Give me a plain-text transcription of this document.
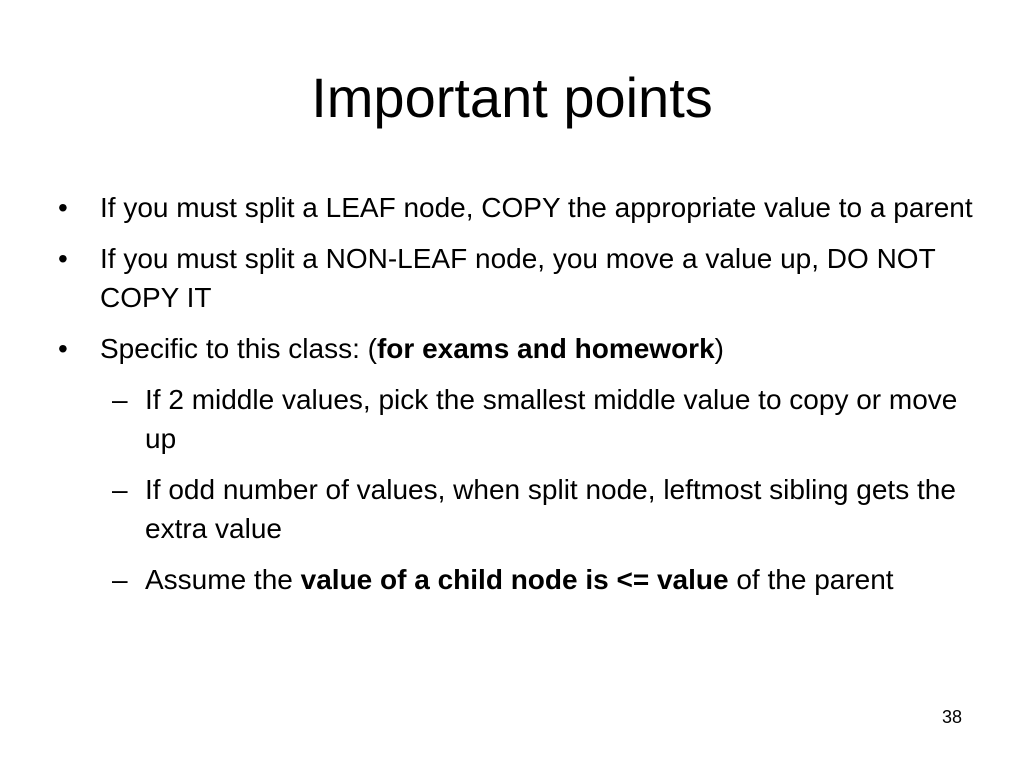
Important points
• If you must split a LEAF node, COPY the appropriate value to a parent
• If you must split a NON-LEAF node, you move a value up, DO NOT COPY IT
• Specific to this class: (for exams and homework)
– If 2 middle values, pick the smallest middle value to copy or move up
– If odd number of values, when split node, leftmost sibling gets the extra value
– Assume the value of a child node is <= value of the parent
38
